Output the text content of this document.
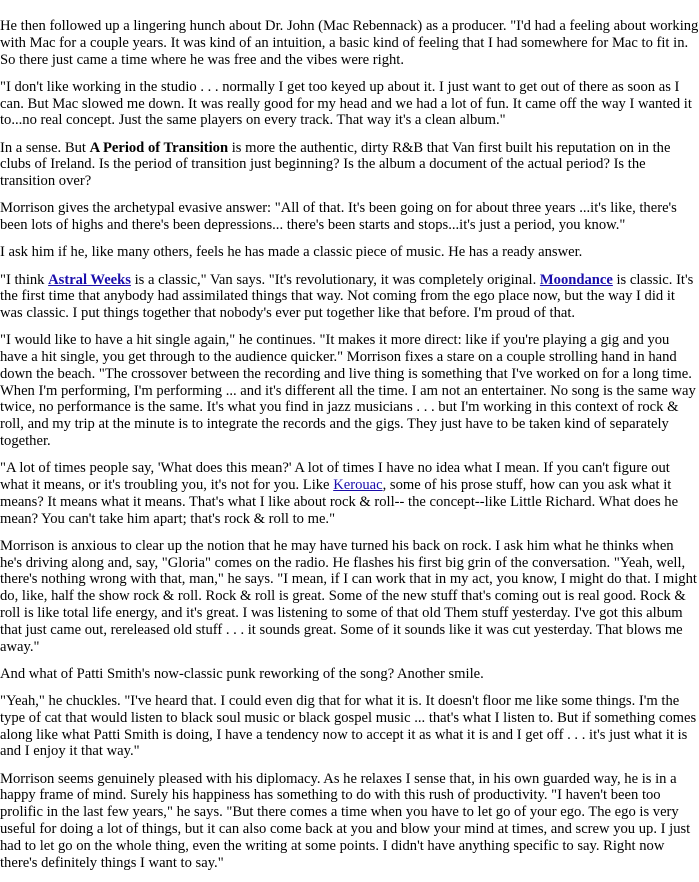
He then followed up a lingering hunch about Dr. John (Mac Rebennack) as a producer. "I'd had a feeling about working with Mac for a couple years. It was kind of an intuition, a basic kind of feeling that I had somewhere for Mac to fit in. So there just came a time where he was free and the vibes were right.

"I don't like working in the studio . . . normally I get too keyed up about it. I just want to get out of there as soon as I can. But Mac slowed me down. It was really good for my head and we had a lot of fun. It came off the way I wanted it to...no real concept. Just the same players on every track. That way it's a clean album."

In a sense. But A Period of Transition is more the authentic, dirty R&B that Van first built his reputation on in the clubs of Ireland. Is the period of transition just beginning? Is the album a document of the actual period? Is the transition over?

Morrison gives the archetypal evasive answer: "All of that. It's been going on for about three years ...it's like, there's been lots of highs and there's been depressions... there's been starts and stops...it's just a period, you know."

I ask him if he, like many others, feels he has made a classic piece of music. He has a ready answer.

"I think Astral Weeks is a classic," Van says. "It's revolutionary, it was completely original. Moondance is classic. It's the first time that anybody had assimilated things that way. Not coming from the ego place now, but the way I did it was classic. I put things together that nobody's ever put together like that before. I'm proud of that.

"I would like to have a hit single again," he continues. "It makes it more direct: like if you're playing a gig and you have a hit single, you get through to the audience quicker." Morrison fixes a stare on a couple strolling hand in hand down the beach. "The crossover between the recording and live thing is something that I've worked on for a long time. When I'm performing, I'm performing ... and it's different all the time. I am not an entertainer. No song is the same way twice, no performance is the same. It's what you find in jazz musicians . . . but I'm working in this context of rock & roll, and my trip at the minute is to integrate the records and the gigs. They just have to be taken kind of separately together.

"A lot of times people say, 'What does this mean?' A lot of times I have no idea what I mean. If you can't figure out what it means, or it's troubling you, it's not for you. Like Kerouac, some of his prose stuff, how can you ask what it means? It means what it means. That's what I like about rock & roll-- the concept--like Little Richard. What does he mean? You can't take him apart; that's rock & roll to me."

Morrison is anxious to clear up the notion that he may have turned his back on rock. I ask him what he thinks when he's driving along and, say, "Gloria" comes on the radio. He flashes his first big grin of the conversation. "Yeah, well, there's nothing wrong with that, man," he says. "I mean, if I can work that in my act, you know, I might do that. I might do, like, half the show rock & roll. Rock & roll is great. Some of the new stuff that's coming out is real good. Rock & roll is like total life energy, and it's great. I was listening to some of that old Them stuff yesterday. I've got this album that just came out, rereleased old stuff . . . it sounds great. Some of it sounds like it was cut yesterday. That blows me away."

And what of Patti Smith's now-classic punk reworking of the song? Another smile.

"Yeah," he chuckles. "I've heard that. I could even dig that for what it is. It doesn't floor me like some things. I'm the type of cat that would listen to black soul music or black gospel music ... that's what I listen to. But if something comes along like what Patti Smith is doing, I have a tendency now to accept it as what it is and I get off . . . it's just what it is and I enjoy it that way."

Morrison seems genuinely pleased with his diplomacy. As he relaxes I sense that, in his own guarded way, he is in a happy frame of mind. Surely his happiness has something to do with this rush of productivity. "I haven't been too prolific in the last few years," he says. "But there comes a time when you have to let go of your ego. The ego is very useful for doing a lot of things, but it can also come back at you and blow your mind at times, and screw you up. I just had to let go on the whole thing, even the writing at some points. I didn't have anything specific to say. Right now there's definitely things I want to say."
